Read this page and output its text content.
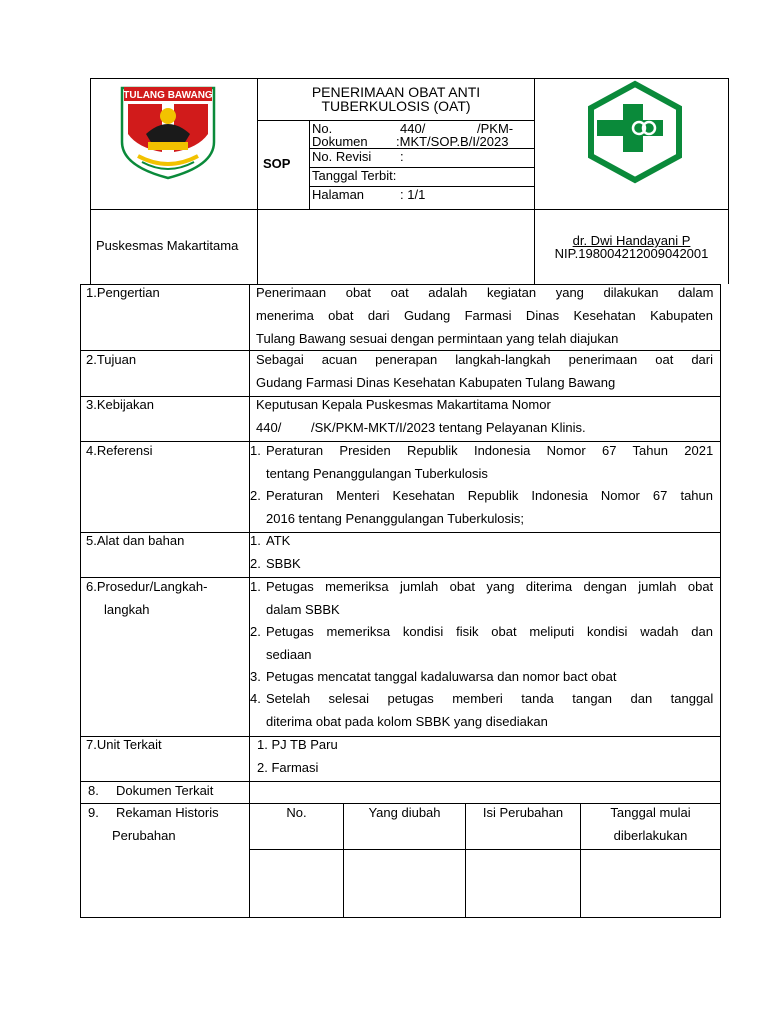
TULANG BAWANG	PENERIMAAN OBAT ANTI
TUBERKULOSIS (OAT)
SOP
No.	440/	/PKM-
Dokumen :MKT/SOP.B/I/2023
No. Revisi :
Tanggal Terbit:
Halaman	: 1/1
Puskesmas Makartitama	dr. Dwi Handayani P
NIP.198004212009042001
1.Pengertian	Penerimaan obat oat adalah kegiatan yang dilakukan dalam
menerima obat dari Gudang Farmasi Dinas Kesehatan Kabupaten
Tulang Bawang sesuai dengan permintaan yang telah diajukan
2.Tujuan	Sebagai acuan penerapan langkah-langkah penerimaan oat dari
Gudang Farmasi Dinas Kesehatan Kabupaten Tulang Bawang
3.Kebijakan	Keputusan Kepala Puskesmas Makartitama Nomor
440/ /SK/PKM-MKT/I/2023 tentang Pelayanan Klinis.
4.Referensi	1. Peraturan Presiden Republik Indonesia Nomor 67 Tahun 2021
tentang Penanggulangan Tuberkulosis
2. Peraturan Menteri Kesehatan Republik Indonesia Nomor 67 tahun
2016 tentang Penanggulangan Tuberkulosis;
5.Alat dan bahan	1. ATK
2. SBBK
6.Prosedur/Langkah-
langkah
1. Petugas memeriksa jumlah obat yang diterima dengan jumlah obat
dalam SBBK
2. Petugas memeriksa kondisi fisik obat meliputi kondisi wadah dan
sediaan
3. Petugas mencatat tanggal kadaluwarsa dan nomor bact obat
4. Setelah selesai petugas memberi tanda tangan dan tanggal
diterima obat pada kolom SBBK yang disediakan
7.Unit Terkait	1. PJ TB Paru
2. Farmasi
8. Dokumen Terkait
9. Rekaman Historis
Perubahan
No.	Yang diubah	Isi Perubahan	Tanggal mulai
diberlakukan
